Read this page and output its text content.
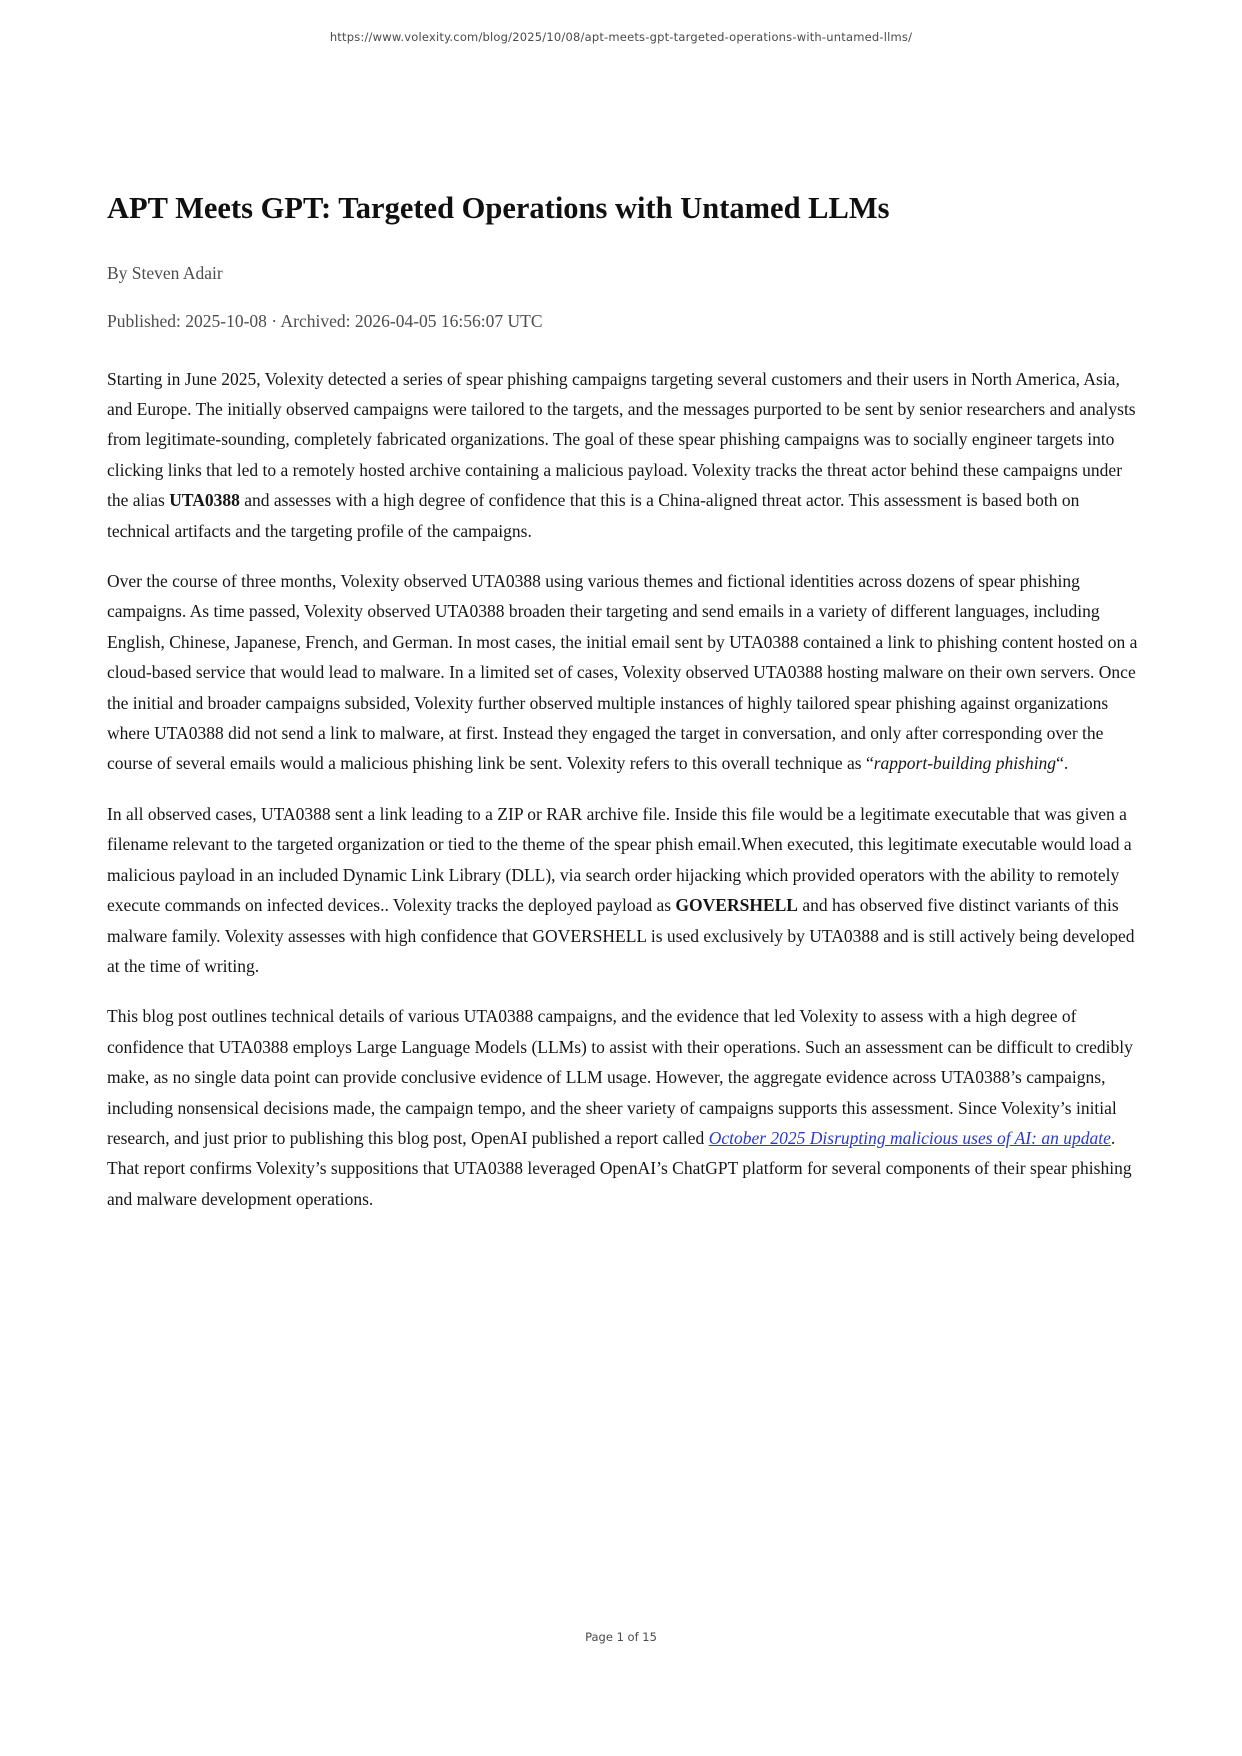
https://www.volexity.com/blog/2025/10/08/apt-meets-gpt-targeted-operations-with-untamed-llms/
APT Meets GPT: Targeted Operations with Untamed LLMs
By Steven Adair
Published: 2025-10-08 · Archived: 2026-04-05 16:56:07 UTC

Starting in June 2025, Volexity detected a series of spear phishing campaigns targeting several customers and their users in North America, Asia, and Europe. The initially observed campaigns were tailored to the targets, and the messages purported to be sent by senior researchers and analysts from legitimate-sounding, completely fabricated organizations. The goal of these spear phishing campaigns was to socially engineer targets into clicking links that led to a remotely hosted archive containing a malicious payload. Volexity tracks the threat actor behind these campaigns under the alias UTA0388 and assesses with a high degree of confidence that this is a China-aligned threat actor. This assessment is based both on technical artifacts and the targeting profile of the campaigns.

Over the course of three months, Volexity observed UTA0388 using various themes and fictional identities across dozens of spear phishing campaigns. As time passed, Volexity observed UTA0388 broaden their targeting and send emails in a variety of different languages, including English, Chinese, Japanese, French, and German. In most cases, the initial email sent by UTA0388 contained a link to phishing content hosted on a cloud-based service that would lead to malware. In a limited set of cases, Volexity observed UTA0388 hosting malware on their own servers. Once the initial and broader campaigns subsided, Volexity further observed multiple instances of highly tailored spear phishing against organizations where UTA0388 did not send a link to malware, at first. Instead they engaged the target in conversation, and only after corresponding over the course of several emails would a malicious phishing link be sent. Volexity refers to this overall technique as “rapport-building phishing“.

In all observed cases, UTA0388 sent a link leading to a ZIP or RAR archive file. Inside this file would be a legitimate executable that was given a filename relevant to the targeted organization or tied to the theme of the spear phish email.When executed, this legitimate executable would load a malicious payload in an included Dynamic Link Library (DLL), via search order hijacking which provided operators with the ability to remotely execute commands on infected devices.. Volexity tracks the deployed payload as GOVERSHELL and has observed five distinct variants of this malware family. Volexity assesses with high confidence that GOVERSHELL is used exclusively by UTA0388 and is still actively being developed at the time of writing.

This blog post outlines technical details of various UTA0388 campaigns, and the evidence that led Volexity to assess with a high degree of confidence that UTA0388 employs Large Language Models (LLMs) to assist with their operations. Such an assessment can be difficult to credibly make, as no single data point can provide conclusive evidence of LLM usage. However, the aggregate evidence across UTA0388’s campaigns, including nonsensical decisions made, the campaign tempo, and the sheer variety of campaigns supports this assessment. Since Volexity’s initial research, and just prior to publishing this blog post, OpenAI published a report called October 2025 Disrupting malicious uses of AI: an update. That report confirms Volexity’s suppositions that UTA0388 leveraged OpenAI’s ChatGPT platform for several components of their spear phishing and malware development operations.

Page 1 of 15
